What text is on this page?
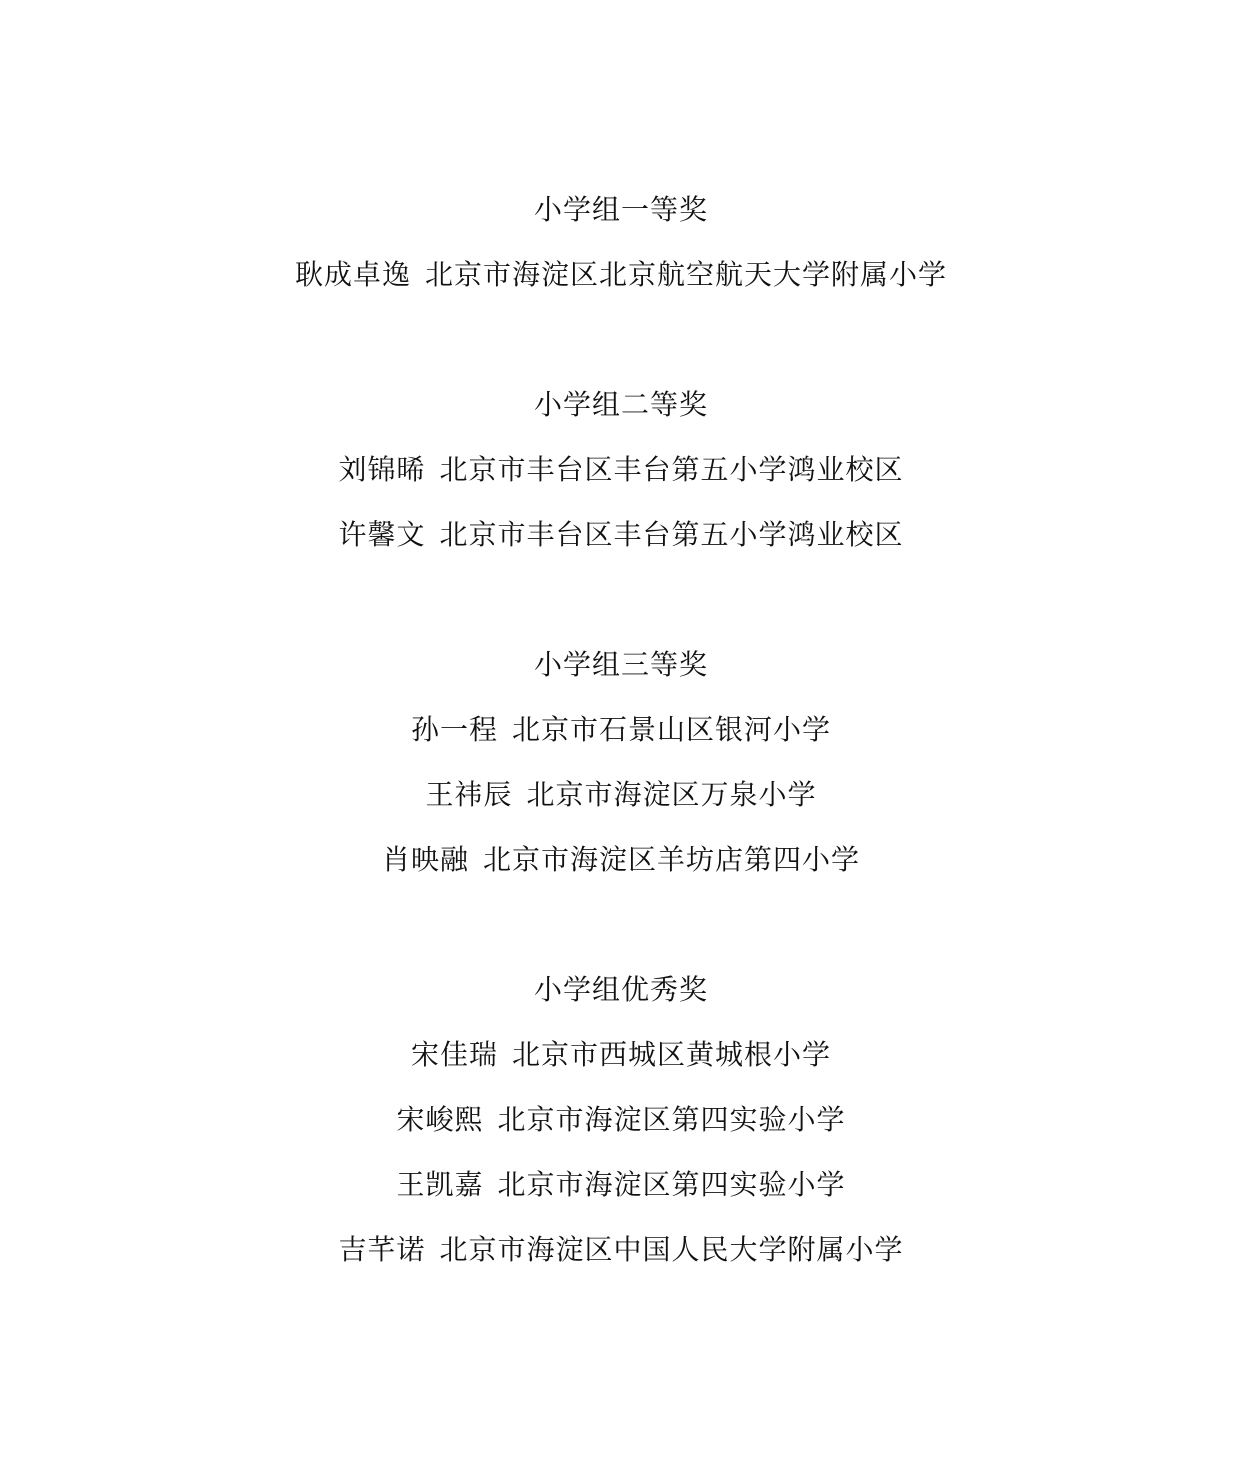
小学组一等奖
耿成卓逸 北京市海淀区北京航空航天大学附属小学
小学组二等奖
刘锦晞 北京市丰台区丰台第五小学鸿业校区
许馨文 北京市丰台区丰台第五小学鸿业校区
小学组三等奖
孙一程 北京市石景山区银河小学
王祎辰 北京市海淀区万泉小学
肖映融 北京市海淀区羊坊店第四小学
小学组优秀奖
宋佳瑞 北京市西城区黄城根小学
宋峻熙 北京市海淀区第四实验小学
王凯嘉 北京市海淀区第四实验小学
吉芊诺 北京市海淀区中国人民大学附属小学
